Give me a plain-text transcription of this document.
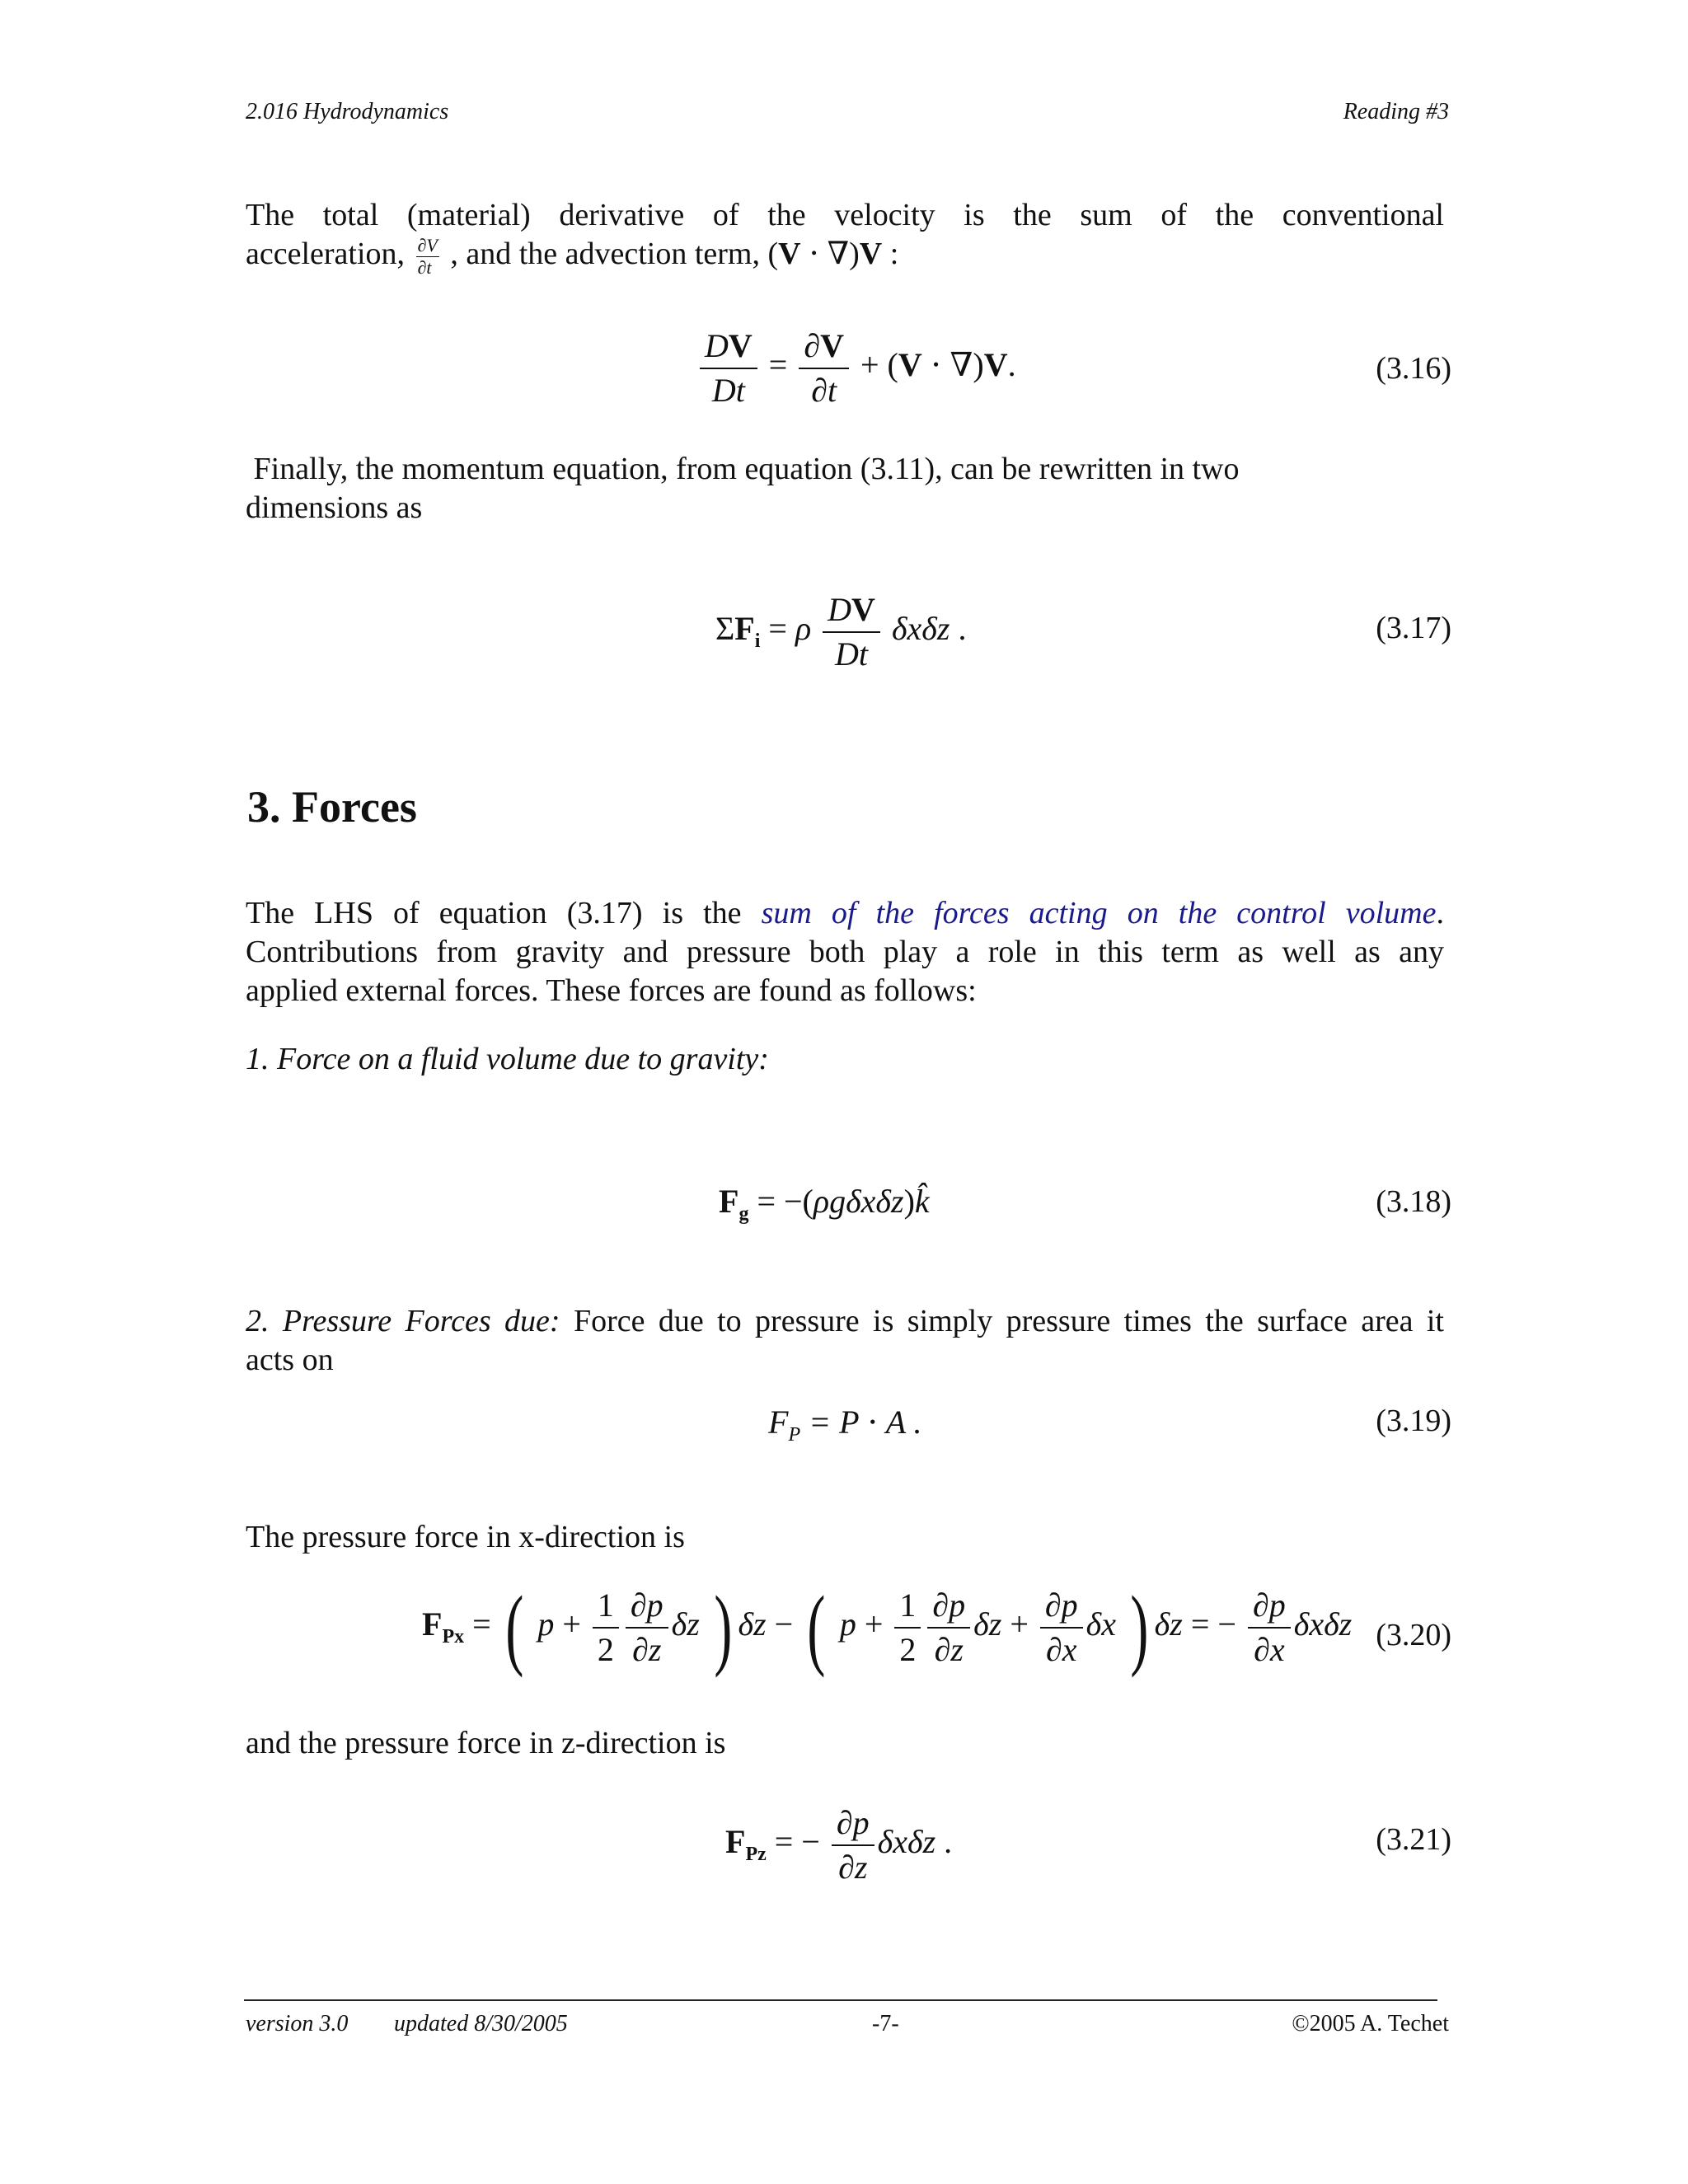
2.016 Hydrodynamics	Reading #3
The total (material) derivative of the velocity is the sum of the conventional
acceleration, $\frac{\partial V}{\partial t}$ , and the advection term, (V ⋅ ∇)V :
$\frac{DV}{Dt} = \frac{\partial V}{\partial t} + (V \cdot \nabla)V$.	(3.16)
Finally, the momentum equation, from equation (3.11), can be rewritten in two
dimensions as
$\Sigma F_i = \rho \frac{DV}{Dt}$ δxδz .	(3.17)
3. Forces
The LHS of equation (3.17) is the sum of the forces acting on the control volume.
Contributions from gravity and pressure both play a role in this term as well as any
applied external forces. These forces are found as follows:
1. Force on a fluid volume due to gravity:
$F_g$ = −(ρgδxδz)k̂	(3.18)
2. Pressure Forces due: Force due to pressure is simply pressure times the surface area it
acts on
$F_P = P \cdot A$ .	(3.19)
The pressure force in x-direction is
$F_{Px}$ = ( $p + \frac{1}{2} \frac{\partial p}{\partial z}$ δz ) δz − ( $p + \frac{1}{2} \frac{\partial p}{\partial z}$ $\delta z + \frac{\partial p}{\partial x}$ δx ) δz = − $\frac{\partial p}{\partial x}$ δxδz (3.20)
and the pressure force in z-direction is
$F_{Pz}$ = − $\frac{\partial p}{\partial z}$ δxδz .	(3.21)
version 3.0 updated 8/30/2005	-7-	©2005 A. Techet
